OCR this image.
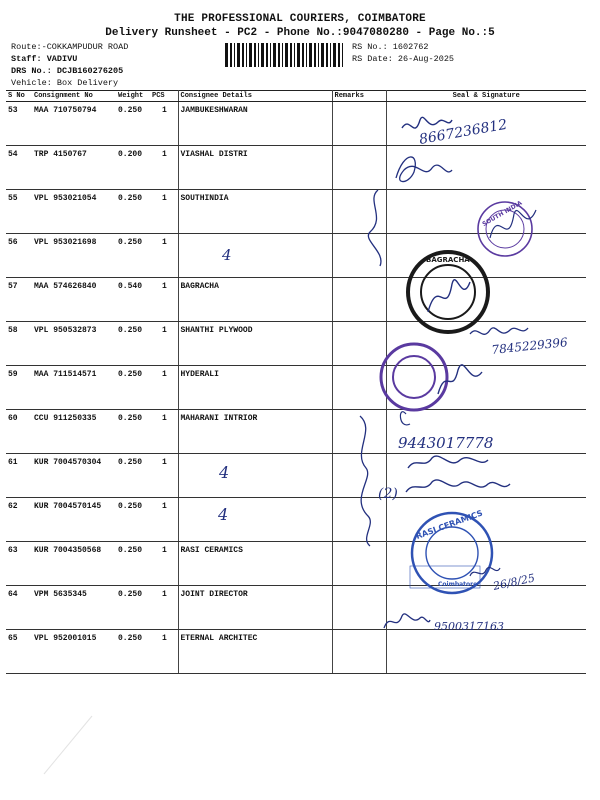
THE PROFESSIONAL COURIERS, COIMBATORE
Delivery Runsheet - PC2 - Phone No.:9047080280 - Page No.:5
Route:-COKKAMPUDUR ROAD
Staff: VADIVU
DRS No.: DCJB160276205
Vehicle: Box Delivery
RS No.: 1602762
RS Date: 26-Aug-2025
S No	Consignment No	Weight	PCS	Consignee Details	Remarks	Seal & Signature
53	MAA 710750794	0.250	1	JAMBUKESHWARAN		
54	TRP 4150767	0.200	1	VIASHAL DISTRI		
55	VPL 953021054	0.250	1	SOUTHINDIA		
56	VPL 953021698	0.250	1			
57	MAA 574626840	0.540	1	BAGRACHA		
58	VPL 950532873	0.250	1	SHANTHI PLYWOOD		
59	MAA 711514571	0.250	1	HYDERALI		
60	CCU 911250335	0.250	1	MAHARANI INTRIOR		
61	KUR 7004570304	0.250	1			
62	KUR 7004570145	0.250	1			
63	KUR 7004350568	0.250	1	RASI CERAMICS		
64	VPM 5635345	0.250	1	JOINT DIRECTOR		
65	VPL 952001015	0.250	1	ETERNAL ARCHITEC		
8667236812
SOUTH INDIA
4
4
4
BAGRACHA
7845229396
(2)
9443017778
RASI CERAMICS
Coimbatore 26/8/25
9500317163
